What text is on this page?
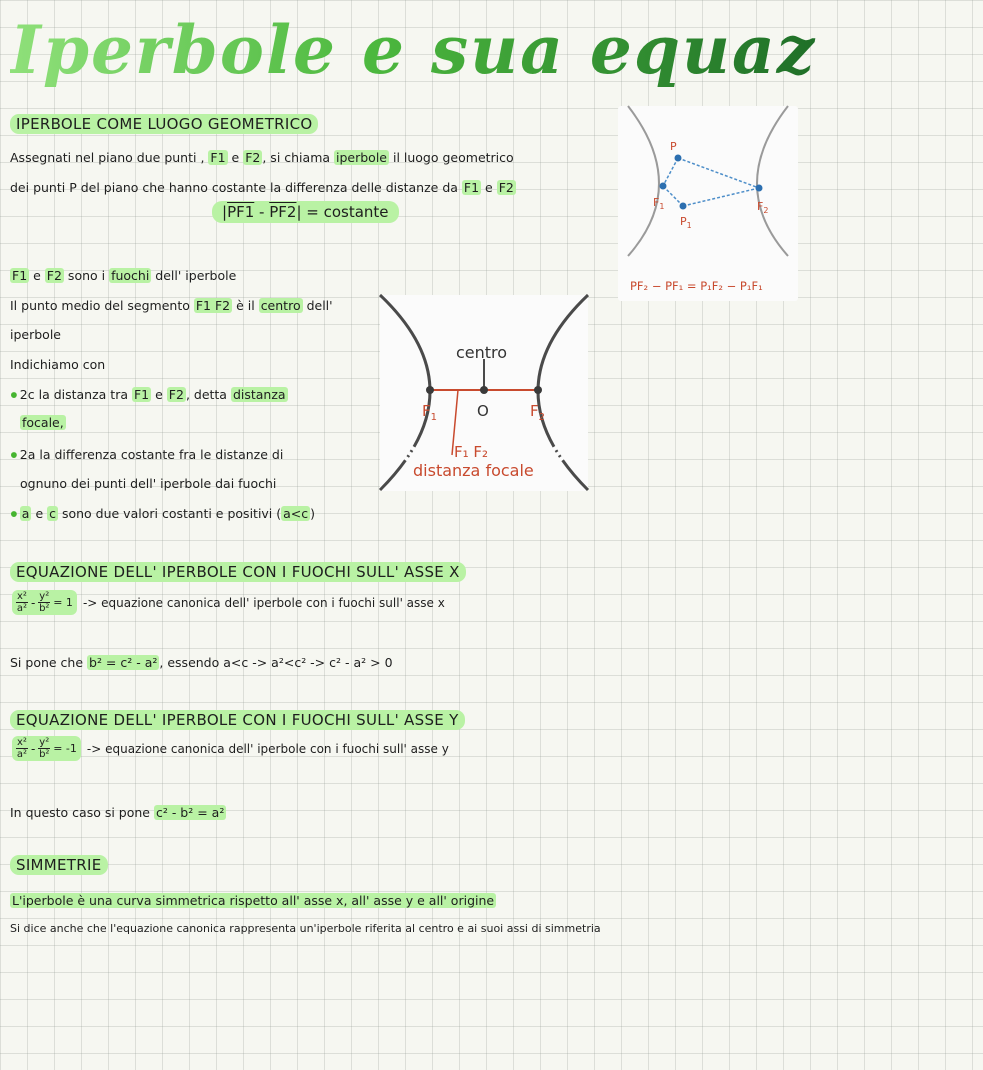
Iperbole e sua equazione
IPERBOLE COME LUOGO GEOMETRICO
Assegnati nel piano due punti , F1 e F2 , si chiama iperbole il luogo geometrico
dei punti P del piano che hanno costante la differenza delle distanze da F1 e F2
|PF1 - PF2| = costante
P
$F_1$	$F_2$
$P_1$
PF₂ − PF₁ = P₁F₂ − P₁F₁
F1 e F2 sono i fuochi dell' iperbole
Il punto medio del segmento F1 F2 è il centro dell'
iperbole
Indichiamo con
•2c la distanza tra F1 e F2 , detta distanza
focale,
•2a la differenza costante fra le distanze di
ognuno dei punti dell' iperbole dai fuochi
• a e c sono due valori costanti e positivi ( a<c )
centro
O
$F_1$	$F_2$
F₁ F₂
distanza focale
EQUAZIONE DELL' IPERBOLE CON I FUOCHI SULL' ASSE X
$\frac{\text{x²}}{\text{a²}} - \frac{\text{y²}}{\text{b²}} = 1$ -> equazione canonica dell' iperbole con i fuochi sull' asse x
Si pone che b² = c² - a² , essendo a<c -> a²<c² -> c² - a² > 0
EQUAZIONE DELL' IPERBOLE CON I FUOCHI SULL' ASSE Y
$\frac{\text{x²}}{\text{a²}} - \frac{\text{y²}}{\text{b²}} = -1$ -> equazione canonica dell' iperbole con i fuochi sull' asse y
In questo caso si pone c² - b² = a²
SIMMETRIE
L'iperbole è una curva simmetrica rispetto all' asse x, all' asse y e all' origine
Si dice anche che l'equazione canonica rappresenta un'iperbole riferita al centro e ai suoi assi di simmetria
